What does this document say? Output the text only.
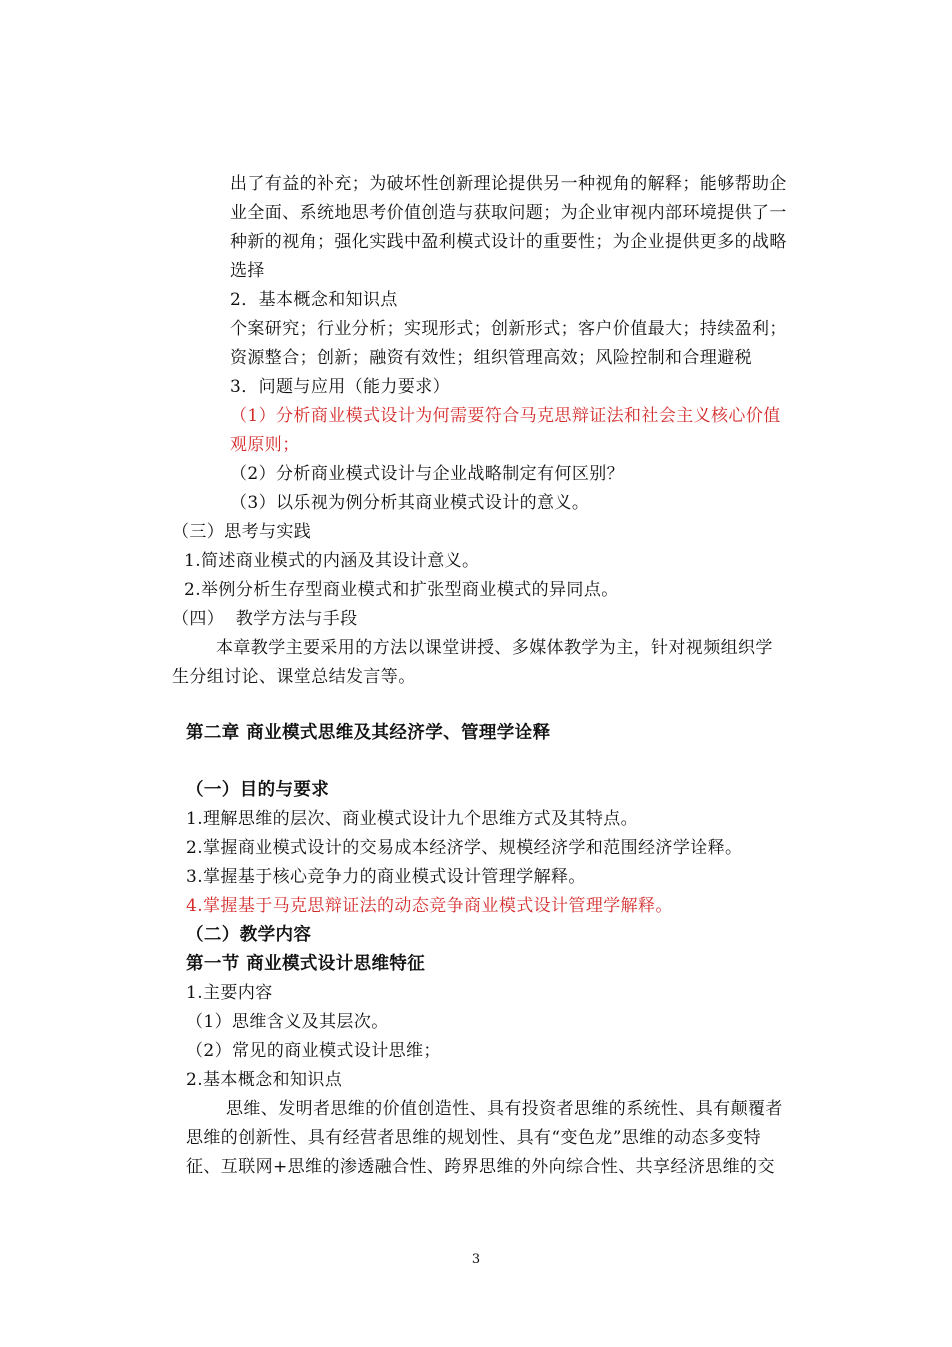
出了有益的补充；为破坏性创新理论提供另一种视角的解释；能够帮助企
业全面、系统地思考价值创造与获取问题；为企业审视内部环境提供了一
种新的视角；强化实践中盈利模式设计的重要性；为企业提供更多的战略
选择
2．基本概念和知识点
个案研究；行业分析；实现形式；创新形式；客户价值最大；持续盈利；
资源整合；创新；融资有效性；组织管理高效；风险控制和合理避税
3．问题与应用（能力要求）
（1）分析商业模式设计为何需要符合马克思辩证法和社会主义核心价值
观原则；
（2）分析商业模式设计与企业战略制定有何区别？
（3）以乐视为例分析其商业模式设计的意义。
（三）思考与实践
1.简述商业模式的内涵及其设计意义。
2.举例分析生存型商业模式和扩张型商业模式的异同点。
（四）  教学方法与手段
本章教学主要采用的方法以课堂讲授、多媒体教学为主，针对视频组织学
生分组讨论、课堂总结发言等。
第二章 商业模式思维及其经济学、管理学诠释
（一）目的与要求
1.理解思维的层次、商业模式设计九个思维方式及其特点。
2.掌握商业模式设计的交易成本经济学、规模经济学和范围经济学诠释。
3.掌握基于核心竞争力的商业模式设计管理学解释。
4.掌握基于马克思辩证法的动态竞争商业模式设计管理学解释。
（二）教学内容
第一节 商业模式设计思维特征
1.主要内容
（1）思维含义及其层次。
（2）常见的商业模式设计思维；
2.基本概念和知识点
思维、发明者思维的价值创造性、具有投资者思维的系统性、具有颠覆者
思维的创新性、具有经营者思维的规划性、具有“变色龙”思维的动态多变特
征、互联网+思维的渗透融合性、跨界思维的外向综合性、共享经济思维的交
3
